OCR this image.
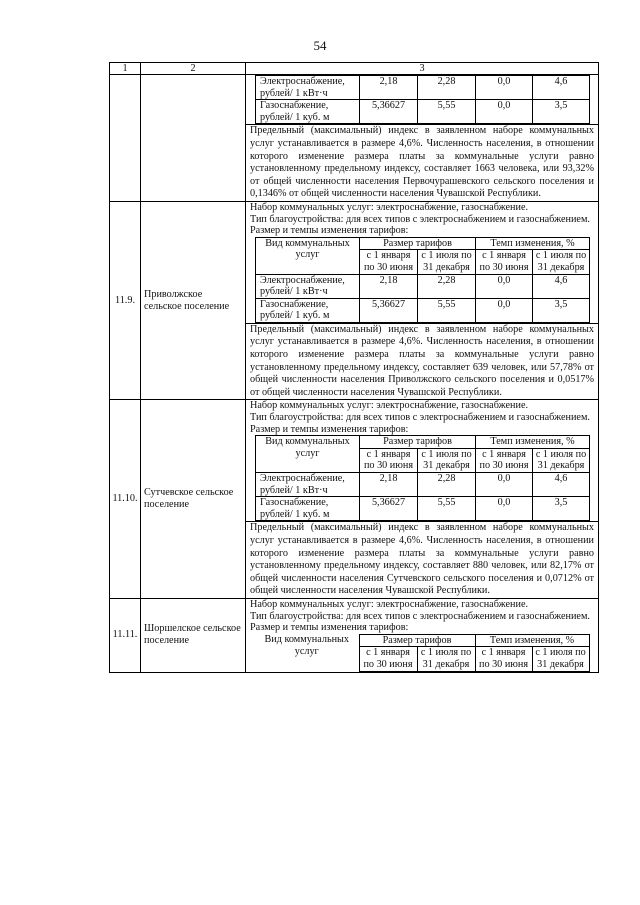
54
1	2	3

Электроснабжение, рублей/ 1 кВт·ч	2,18	2,28	0,0	4,6
Газоснабжение, рублей/ 1 куб. м	5,36627	5,55	0,0	3,5
Предельный (максимальный) индекс в заявленном наборе коммунальных услуг устанавливается в размере 4,6%. Численность населения, в отношении которого изменение размера платы за коммунальные услуги равно установленному предельному индексу, составляет 1663 человека, или 93,32% от общей численности населения Первочурашевского сельского поселения и 0,1346% от общей численности населения Чувашской Республики.

11.9.	Приволжское сельское поселение	
Набор коммунальных услуг: электроснабжение, газоснабжение.
Тип благоустройства: для всех типов с электроснабжением и газоснабжением.
Размер и темпы изменения тарифов:
Вид коммунальных услуг	Размер тарифов	Темп изменения, %
с 1 января по 30 июня	с 1 июля по 31 декабря	с 1 января по 30 июня	с 1 июля по 31 декабря
Электроснабжение, рублей/ 1 кВт·ч	2,18	2,28	0,0	4,6
Газоснабжение, рублей/ 1 куб. м	5,36627	5,55	0,0	3,5
Предельный (максимальный) индекс в заявленном наборе коммунальных услуг устанавливается в размере 4,6%. Численность населения, в отношении которого изменение размера платы за коммунальные услуги равно установленному предельному индексу, составляет 639 человек, или 57,78% от общей численности населения Приволжского сельского поселения и 0,0517% от общей численности населения Чувашской Республики.

11.10.	Сутчевское сельское поселение	
Набор коммунальных услуг: электроснабжение, газоснабжение.
Тип благоустройства: для всех типов с электроснабжением и газоснабжением.
Размер и темпы изменения тарифов:
Вид коммунальных услуг	Размер тарифов	Темп изменения, %
с 1 января по 30 июня	с 1 июля по 31 декабря	с 1 января по 30 июня	с 1 июля по 31 декабря
Электроснабжение, рублей/ 1 кВт·ч	2,18	2,28	0,0	4,6
Газоснабжение, рублей/ 1 куб. м	5,36627	5,55	0,0	3,5
Предельный (максимальный) индекс в заявленном наборе коммунальных услуг устанавливается в размере 4,6%. Численность населения, в отношении которого изменение размера платы за коммунальные услуги равно установленному предельному индексу, составляет 880 человек, или 82,17% от общей численности населения Сутчевского сельского поселения и 0,0712% от общей численности населения Чувашской Республики.

11.11.	Шоршелское сельское поселение	
Набор коммунальных услуг: электроснабжение, газоснабжение.
Тип благоустройства: для всех типов с электроснабжением и газоснабжением.
Размер и темпы изменения тарифов:
Вид коммунальных услуг	Размер тарифов	Темп изменения, %
с 1 января по 30 июня	с 1 июля по 31 декабря	с 1 января по 30 июня	с 1 июля по 31 декабря
